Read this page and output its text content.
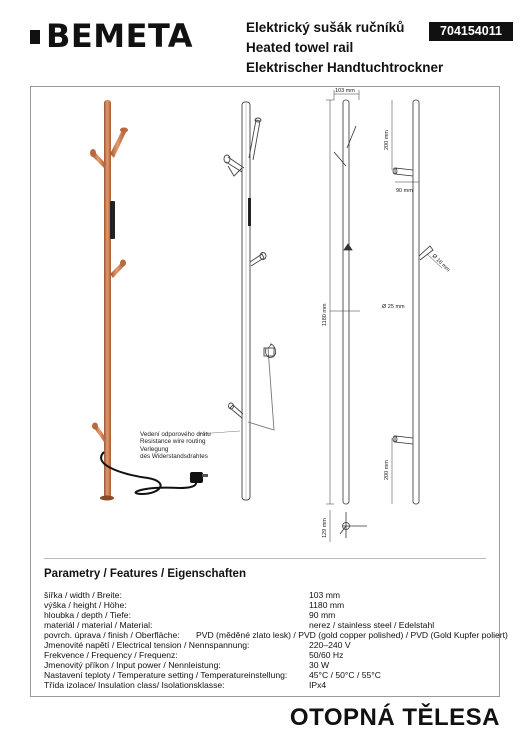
BEMETA	Elektrický sušák ručníků
Heated towel rail
Elektrischer Handtuchtrockner
704154011
103 mm
1180 mm
200 mm
200 mm
90 mm
Ø 16 mm
Ø 25 mm
129 mm
Vedení odporového drátu
Resistance wire routing
Verlegung
des Widerstandsdrahtes
Parametry / Features / Eigenschaften
šířka / width / Breite:	103 mm
výška / height / Höhe:	1180 mm
hloubka / depth / Tiefe:	90 mm
materiál / material / Material:	nerez / stainless steel / Edelstahl
povrch. úprava / finish / Oberfläche: PVD (měděné zlato lesk) / PVD (gold copper polished) / PVD (Gold Kupfer poliert)
Jmenovité napětí / Electrical tension / Nennspannung:	220–240 V
Frekvence / Frequency / Frequenz:	50/60 Hz
Jmenovitý příkon / Input power / Nennleistung:	30 W
Nastavení teploty / Temperature setting / Temperatureinstellung:	45°C / 50°C / 55°C
Třída izolace/ Insulation class/ Isolationsklasse:	IPx4
OTOPNÁ TĚLESA
